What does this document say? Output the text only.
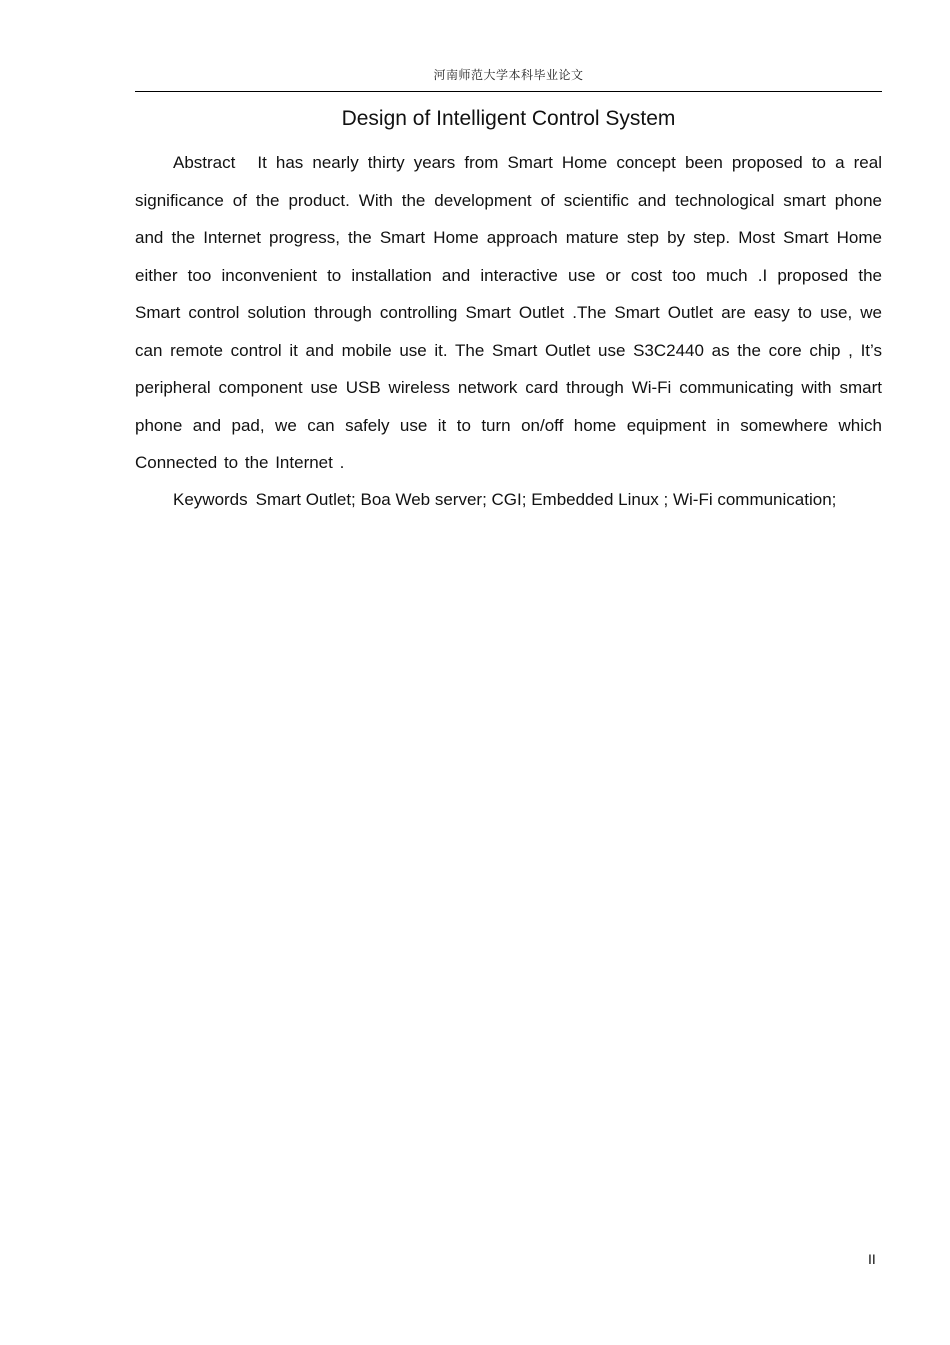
河南师范大学本科毕业论文
Design of Intelligent Control System

Abstract It has nearly thirty years from Smart Home concept been proposed to a real significance of the product. With the development of scientific and technological smart phone and the Internet progress, the Smart Home approach mature step by step. Most Smart Home either too inconvenient to installation and interactive use or cost too much .I proposed the Smart control solution through controlling Smart Outlet .The Smart Outlet are easy to use, we can remote control it and mobile use it. The Smart Outlet use S3C2440 as the core chip , It’s peripheral component use USB wireless network card through Wi-Fi communicating with smart phone and pad, we can safely use it to turn on/off home equipment in somewhere which Connected to the Internet .

Keywords Smart Outlet; Boa Web server; CGI; Embedded Linux ; Wi-Fi communication;

II
